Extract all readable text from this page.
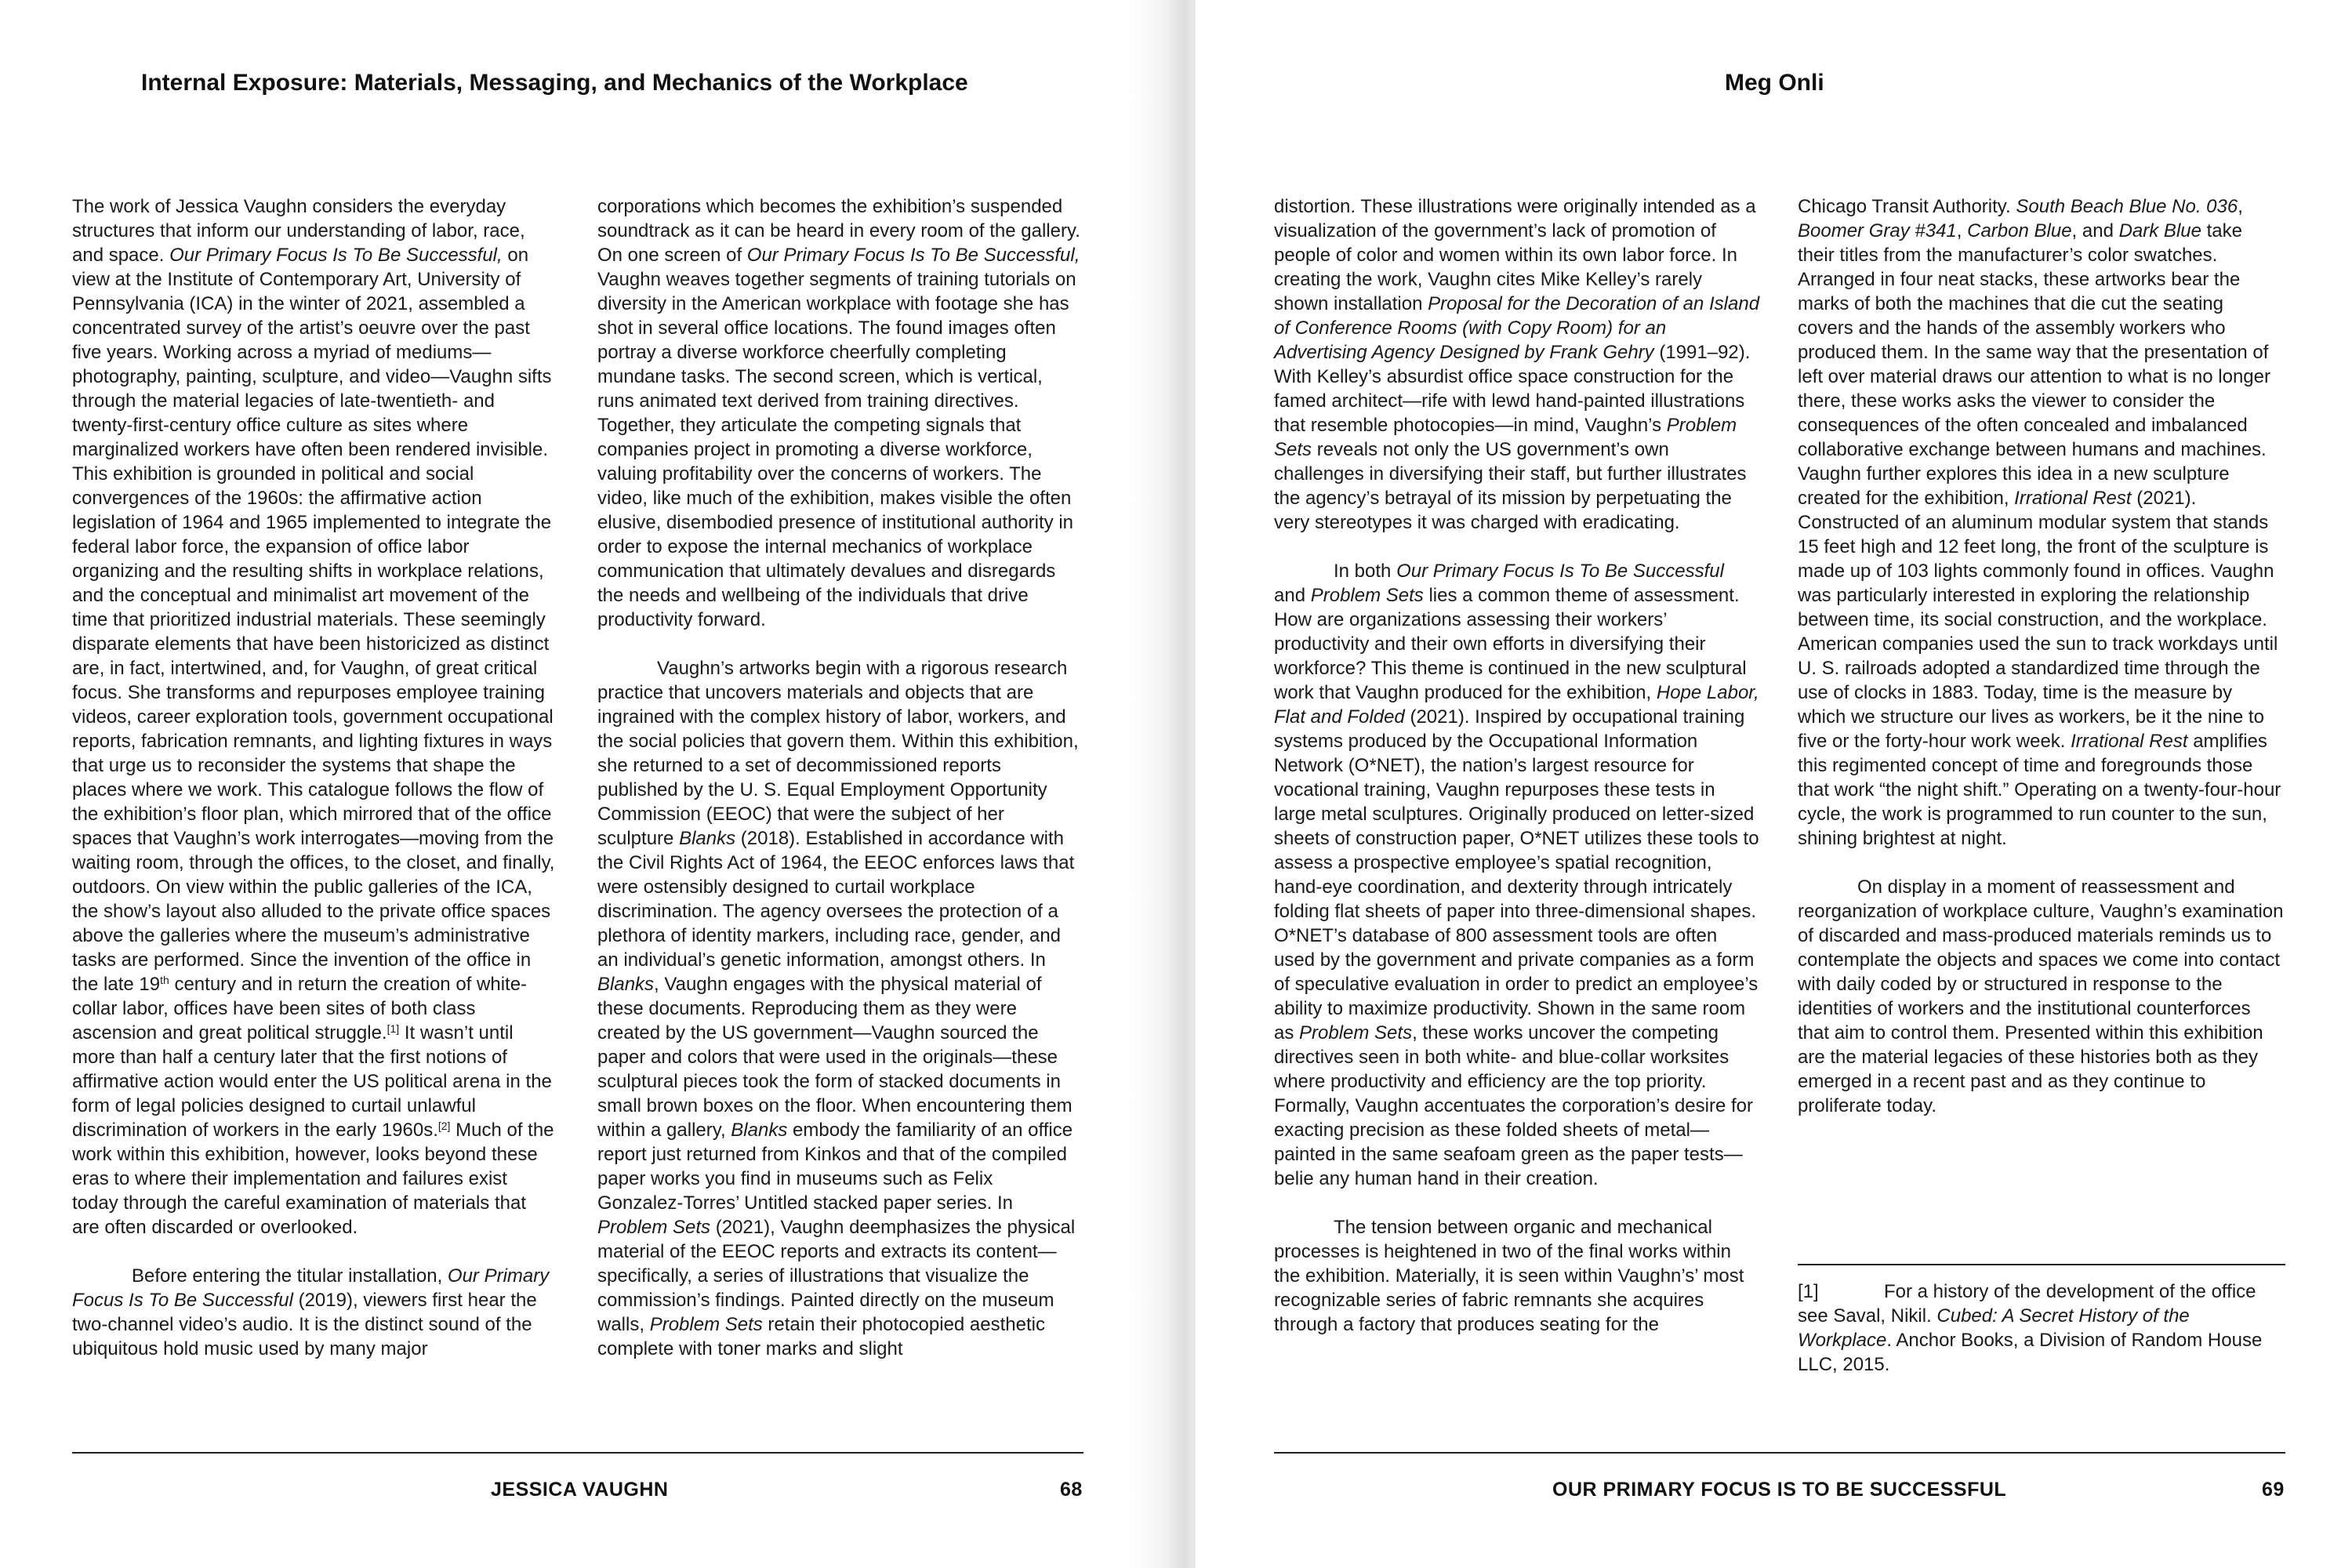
Internal Exposure: Materials, Messaging, and Mechanics of the Workplace

The work of Jessica Vaughn considers the everyday structures that inform our understanding of labor, race, and space. Our Primary Focus Is To Be Successful, on view at the Institute of Contemporary Art, University of Pennsylvania (ICA) in the winter of 2021, assembled a concentrated survey of the artist’s oeuvre over the past five years. Working across a myriad of mediums—photography, painting, sculpture, and video—Vaughn sifts through the material legacies of late-twentieth- and twenty-first-century office culture as sites where marginalized workers have often been rendered invisible. This exhibition is grounded in political and social convergences of the 1960s: the affirmative action legislation of 1964 and 1965 implemented to integrate the federal labor force, the expansion of office labor organizing and the resulting shifts in workplace relations, and the conceptual and minimalist art movement of the time that prioritized industrial materials. These seemingly disparate elements that have been historicized as distinct are, in fact, intertwined, and, for Vaughn, of great critical focus. She transforms and repurposes employee training videos, career exploration tools, government occupational reports, fabrication remnants, and lighting fixtures in ways that urge us to reconsider the systems that shape the places where we work. This catalogue follows the flow of the exhibition’s floor plan, which mirrored that of the office spaces that Vaughn’s work interrogates—moving from the waiting room, through the offices, to the closet, and finally, outdoors. On view within the public galleries of the ICA, the show’s layout also alluded to the private office spaces above the galleries where the museum’s administrative tasks are performed. Since the invention of the office in the late 19th century and in return the creation of white-collar labor, offices have been sites of both class ascension and great political struggle.[1] It wasn’t until more than half a century later that the first notions of affirmative action would enter the US political arena in the form of legal policies designed to curtail unlawful discrimination of workers in the early 1960s.[2] Much of the work within this exhibition, however, looks beyond these eras to where their implementation and failures exist today through the careful examination of materials that are often discarded or overlooked.

Before entering the titular installation, Our Primary Focus Is To Be Successful (2019), viewers first hear the two-channel video’s audio. It is the distinct sound of the ubiquitous hold music used by many major

corporations which becomes the exhibition’s suspended soundtrack as it can be heard in every room of the gallery. On one screen of Our Primary Focus Is To Be Successful, Vaughn weaves together segments of training tutorials on diversity in the American workplace with footage she has shot in several office locations. The found images often portray a diverse workforce cheerfully completing mundane tasks. The second screen, which is vertical, runs animated text derived from training directives. Together, they articulate the competing signals that companies project in promoting a diverse workforce, valuing profitability over the concerns of workers. The video, like much of the exhibition, makes visible the often elusive, disembodied presence of institutional authority in order to expose the internal mechanics of workplace communication that ultimately devalues and disregards the needs and wellbeing of the individuals that drive productivity forward.

Vaughn’s artworks begin with a rigorous research practice that uncovers materials and objects that are ingrained with the complex history of labor, workers, and the social policies that govern them. Within this exhibition, she returned to a set of decommissioned reports published by the U. S. Equal Employment Opportunity Commission (EEOC) that were the subject of her sculpture Blanks (2018). Established in accordance with the Civil Rights Act of 1964, the EEOC enforces laws that were ostensibly designed to curtail workplace discrimination. The agency oversees the protection of a plethora of identity markers, including race, gender, and an individual’s genetic information, amongst others. In Blanks, Vaughn engages with the physical material of these documents. Reproducing them as they were created by the US government—Vaughn sourced the paper and colors that were used in the originals—these sculptural pieces took the form of stacked documents in small brown boxes on the floor. When encountering them within a gallery, Blanks embody the familiarity of an office report just returned from Kinkos and that of the compiled paper works you find in museums such as Felix Gonzalez-Torres’ Untitled stacked paper series. In Problem Sets (2021), Vaughn deemphasizes the physical material of the EEOC reports and extracts its content—specifically, a series of illustrations that visualize the commission’s findings. Painted directly on the museum walls, Problem Sets retain their photocopied aesthetic complete with toner marks and slight

JESSICA VAUGHN	68

Meg Onli

distortion. These illustrations were originally intended as a visualization of the government’s lack of promotion of people of color and women within its own labor force. In creating the work, Vaughn cites Mike Kelley’s rarely shown installation Proposal for the Decoration of an Island of Conference Rooms (with Copy Room) for an Advertising Agency Designed by Frank Gehry (1991–92). With Kelley’s absurdist office space construction for the famed architect—rife with lewd hand-painted illustrations that resemble photocopies—in mind, Vaughn’s Problem Sets reveals not only the US government’s own challenges in diversifying their staff, but further illustrates the agency’s betrayal of its mission by perpetuating the very stereotypes it was charged with eradicating.

In both Our Primary Focus Is To Be Successful and Problem Sets lies a common theme of assessment. How are organizations assessing their workers’ productivity and their own efforts in diversifying their workforce? This theme is continued in the new sculptural work that Vaughn produced for the exhibition, Hope Labor, Flat and Folded (2021). Inspired by occupational training systems produced by the Occupational Information Network (O*NET), the nation’s largest resource for vocational training, Vaughn repurposes these tests in large metal sculptures. Originally produced on letter-sized sheets of construction paper, O*NET utilizes these tools to assess a prospective employee’s spatial recognition, hand-eye coordination, and dexterity through intricately folding flat sheets of paper into three-dimensional shapes. O*NET’s database of 800 assessment tools are often used by the government and private companies as a form of speculative evaluation in order to predict an employee’s ability to maximize productivity. Shown in the same room as Problem Sets, these works uncover the competing directives seen in both white- and blue-collar worksites where productivity and efficiency are the top priority. Formally, Vaughn accentuates the corporation’s desire for exacting precision as these folded sheets of metal—painted in the same seafoam green as the paper tests—belie any human hand in their creation.

The tension between organic and mechanical processes is heightened in two of the final works within the exhibition. Materially, it is seen within Vaughn’s’ most recognizable series of fabric remnants she acquires through a factory that produces seating for the

Chicago Transit Authority. South Beach Blue No. 036, Boomer Gray #341, Carbon Blue, and Dark Blue take their titles from the manufacturer’s color swatches. Arranged in four neat stacks, these artworks bear the marks of both the machines that die cut the seating covers and the hands of the assembly workers who produced them. In the same way that the presentation of left over material draws our attention to what is no longer there, these works asks the viewer to consider the consequences of the often concealed and imbalanced collaborative exchange between humans and machines. Vaughn further explores this idea in a new sculpture created for the exhibition, Irrational Rest (2021). Constructed of an aluminum modular system that stands 15 feet high and 12 feet long, the front of the sculpture is made up of 103 lights commonly found in offices. Vaughn was particularly interested in exploring the relationship between time, its social construction, and the workplace. American companies used the sun to track workdays until U. S. railroads adopted a standardized time through the use of clocks in 1883. Today, time is the measure by which we structure our lives as workers, be it the nine to five or the forty-hour work week. Irrational Rest amplifies this regimented concept of time and foregrounds those that work “the night shift.” Operating on a twenty-four-hour cycle, the work is programmed to run counter to the sun, shining brightest at night.

On display in a moment of reassessment and reorganization of workplace culture, Vaughn’s examination of discarded and mass-produced materials reminds us to contemplate the objects and spaces we come into contact with daily coded by or structured in response to the identities of workers and the institutional counterforces that aim to control them. Presented within this exhibition are the material legacies of these histories both as they emerged in a recent past and as they continue to proliferate today.

[1]	For a history of the development of the office see Saval, Nikil. Cubed: A Secret History of the Workplace. Anchor Books, a Division of Random House LLC, 2015.

OUR PRIMARY FOCUS IS TO BE SUCCESSFUL	69
